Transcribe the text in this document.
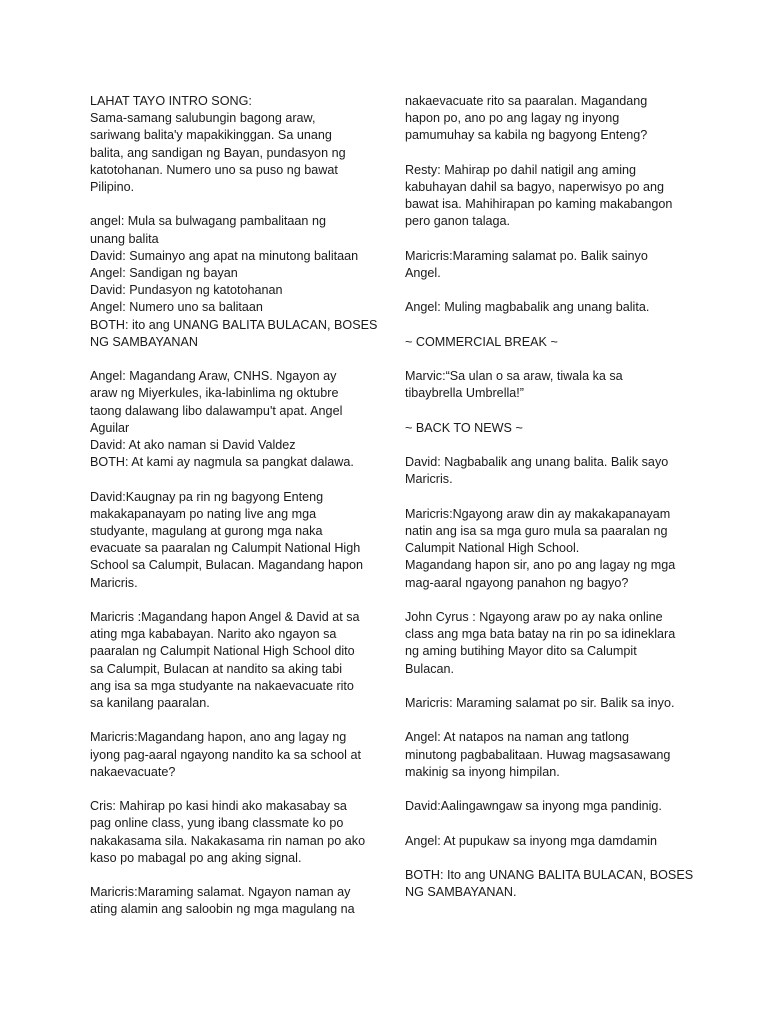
LAHAT TAYO INTRO SONG:
Sama-samang salubungin bagong araw,
sariwang balita'y mapakikinggan. Sa unang
balita, ang sandigan ng Bayan, pundasyon ng
katotohanan. Numero uno sa puso ng bawat
Pilipino.

angel: Mula sa bulwagang pambalitaan ng
unang balita
David: Sumainyo ang apat na minutong balitaan
Angel: Sandigan ng bayan
David: Pundasyon ng katotohanan
Angel: Numero uno sa balitaan
BOTH: ito ang UNANG BALITA BULACAN, BOSES
NG SAMBAYANAN

Angel: Magandang Araw, CNHS. Ngayon ay
araw ng Miyerkules, ika-labinlima ng oktubre
taong dalawang libo dalawampu't apat. Angel
Aguilar
David: At ako naman si David Valdez
BOTH: At kami ay nagmula sa pangkat dalawa.

David:Kaugnay pa rin ng bagyong Enteng
makakapanayam po nating live ang mga
studyante, magulang at gurong mga naka
evacuate sa paaralan ng Calumpit National High
School sa Calumpit, Bulacan. Magandang hapon
Maricris.

Maricris :Magandang hapon Angel & David at sa
ating mga kababayan. Narito ako ngayon sa
paaralan ng Calumpit National High School dito
sa Calumpit, Bulacan at nandito sa aking tabi
ang isa sa mga studyante na nakaevacuate rito
sa kanilang paaralan.

Maricris:Magandang hapon, ano ang lagay ng
iyong pag-aaral ngayong nandito ka sa school at
nakaevacuate?

Cris: Mahirap po kasi hindi ako makasabay sa
pag online class, yung ibang classmate ko po
nakakasama sila. Nakakasama rin naman po ako
kaso po mabagal po ang aking signal.

Maricris:Maraming salamat. Ngayon naman ay
ating alamin ang saloobin ng mga magulang na

nakaevacuate rito sa paaralan. Magandang
hapon po, ano po ang lagay ng inyong
pamumuhay sa kabila ng bagyong Enteng?

Resty: Mahirap po dahil natigil ang aming
kabuhayan dahil sa bagyo, naperwisyo po ang
bawat isa. Mahihirapan po kaming makabangon
pero ganon talaga.

Maricris:Maraming salamat po. Balik sainyo
Angel.

Angel: Muling magbabalik ang unang balita.

~ COMMERCIAL BREAK ~

Marvic:“Sa ulan o sa araw, tiwala ka sa
tibaybrella Umbrella!”

~ BACK TO NEWS ~

David: Nagbabalik ang unang balita. Balik sayo
Maricris.

Maricris:Ngayong araw din ay makakapanayam
natin ang isa sa mga guro mula sa paaralan ng
Calumpit National High School.
Magandang hapon sir, ano po ang lagay ng mga
mag-aaral ngayong panahon ng bagyo?

John Cyrus : Ngayong araw po ay naka online
class ang mga bata batay na rin po sa idineklara
ng aming butihing Mayor dito sa Calumpit
Bulacan.

Maricris: Maraming salamat po sir. Balik sa inyo.

Angel: At natapos na naman ang tatlong
minutong pagbabalitaan. Huwag magsasawang
makinig sa inyong himpilan.

David:Aalingawngaw sa inyong mga pandinig.

Angel: At pupukaw sa inyong mga damdamin

BOTH: Ito ang UNANG BALITA BULACAN, BOSES
NG SAMBAYANAN.
